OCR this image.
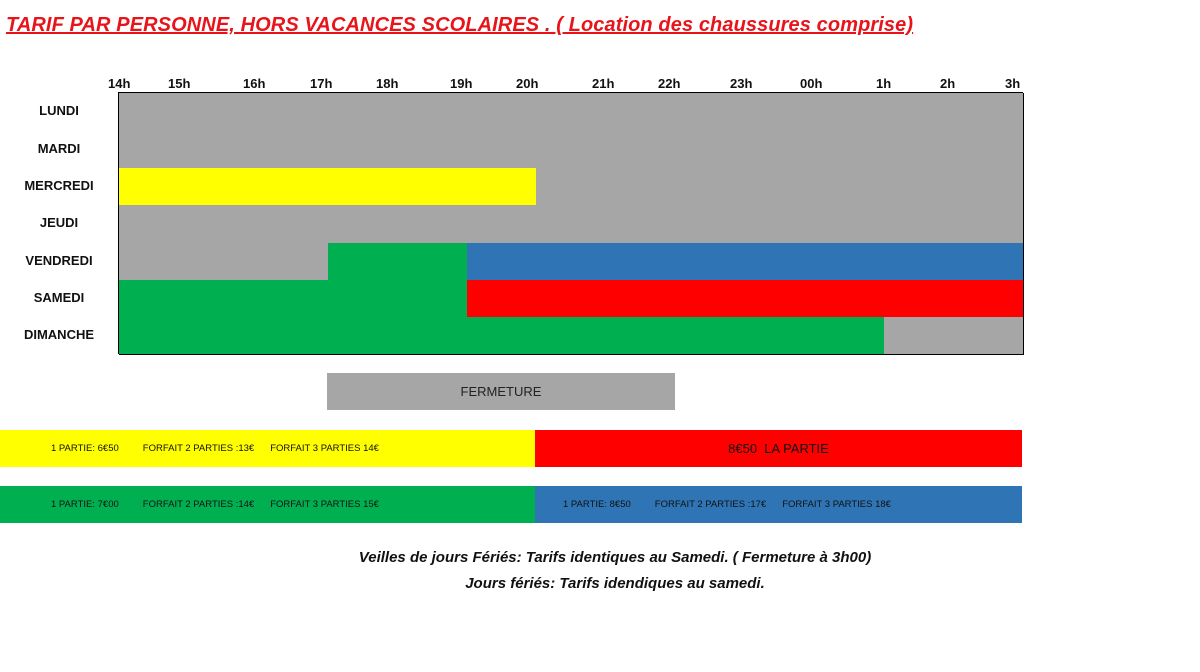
TARIF PAR PERSONNE, HORS VACANCES SCOLAIRES . ( Location des chaussures comprise)
14h	15h	16h	17h	18h	19h	20h	21h	22h	23h	00h	1h	2h	3h
LUNDI
MARDI
MERCREDI
JEUDI
VENDREDI
SAMEDI
DIMANCHE
FERMETURE
1 PARTIE: 6€50	FORFAIT 2 PARTIES :13€ FORFAIT 3 PARTIES 14€	8€50  LA PARTIE
1 PARTIE: 7€00	FORFAIT 2 PARTIES :14€ FORFAIT 3 PARTIES 15€	1 PARTIE: 8€50	FORFAIT 2 PARTIES :17€ FORFAIT 3 PARTIES 18€
Veilles de jours Fériés: Tarifs identiques au Samedi. ( Fermeture à 3h00)
Jours fériés: Tarifs idendiques au samedi.
